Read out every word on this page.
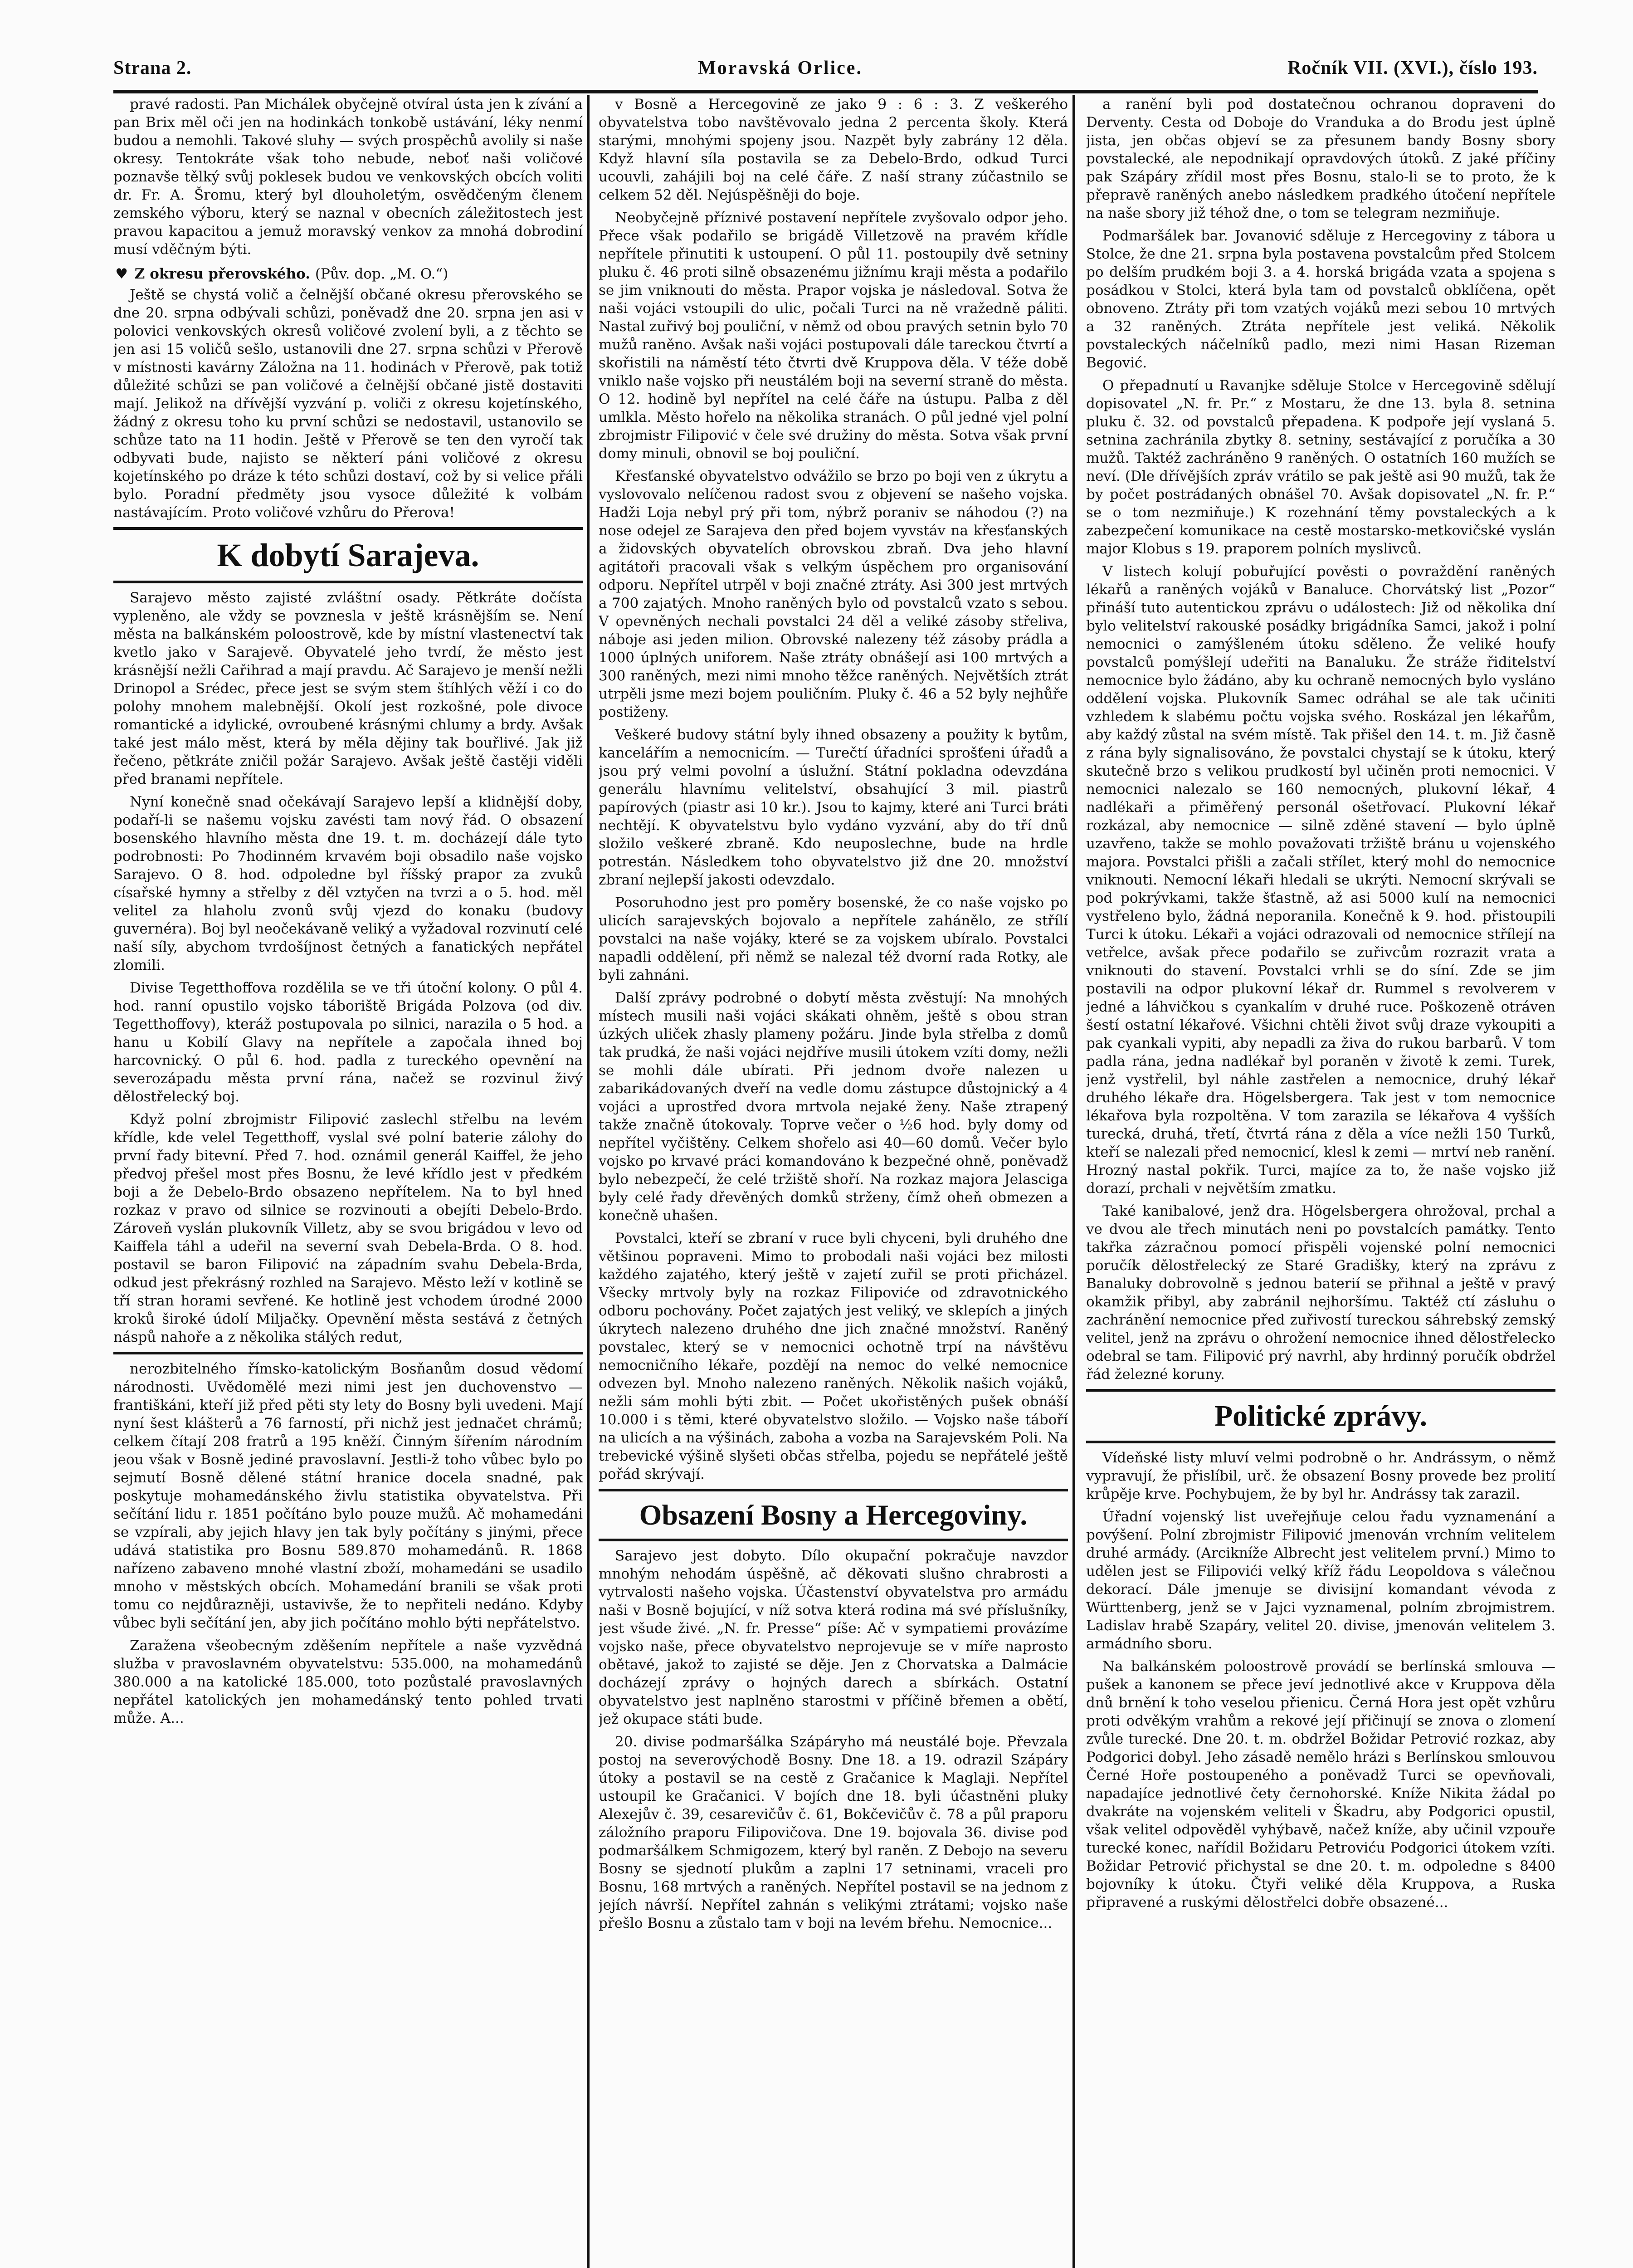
Strana 2.	Moravská Orlice.	Ročník VII. (XVI.), číslo 193.

pravé radosti. Pan Michálek obyčejně otvíral ústa jen k zívání a pan Brix měl oči jen na hodinkách tonkobě ustávání, léky nenmí budou a nemohli. Takové sluhy — svých prospěchů avolily si naše okresy. Tentokráte však toho nebude, neboť naši voličové poznavše tělký svůj poklesek budou ve venkovských obcích voliti dr. Fr. A. Šromu, který byl dlouholetým, osvědčeným členem zemského výboru, který se naznal v obecních záležitostech jest pravou kapacitou a jemuž moravský venkov za mnohá dobrodiní musí vděčným býti.

♥ Z okresu přerovského. (Pův. dop. „M. O.“)

Ještě se chystá volič a čelnější občané okresu přerovského se dne 20. srpna odbývali schůzi, poněvadž dne 20. srpna jen asi v polovici venkovských okresů voličové zvolení byli, a z těchto se jen asi 15 voličů sešlo, ustanovili dne 27. srpna schůzi v Přerově v místnosti kavárny Záložna na 11. hodinách v Přerově, pak totiž důležité schůzi se pan voličové a čelnější občané jistě dostaviti mají. Jelikož na dřívější vyzvání p. voliči z okresu kojetínského, žádný z okresu toho ku první schůzi se nedostavil, ustanovilo se schůze tato na 11 hodin. Ještě v Přerově se ten den vyročí tak odbyvati bude, najisto se některí páni voličové z okresu kojetínského po dráze k této schůzi dostaví, což by si velice přáli bylo. Poradní předměty jsou vysoce důležité k volbám nastávajícím. Proto voličové vzhůru do Přerova!

K dobytí Sarajeva.

Sarajevo město zajisté zvláštní osady. Pětkráte dočísta vypleněno, ale vždy se povznesla v ještě krásnějším se. Není města na balkánském poloostrově, kde by místní vlastenectví tak kvetlo jako v Sarajevě. Obyvatelé jeho tvrdí, že město jest krásnější nežli Cařihrad a mají pravdu. Ač Sarajevo je menší nežli Drinopol a Srédec, přece jest se svým stem štíhlých věží i co do polohy mnohem malebnější. Okolí jest rozkošné, pole divoce romantické a idylické, ovroubené krásnými chlumy a brdy. Avšak také jest málo měst, která by měla dějiny tak bouřlivé. Jak již řečeno, pětkráte zničil požár Sarajevo. Avšak ještě častěji viděli před branami nepřítele.

Nyní konečně snad očekávají Sarajevo lepší a klidnější doby, podaří-li se našemu vojsku zavésti tam nový řád. O obsazení bosenského hlavního města dne 19. t. m. docházejí dále tyto podrobnosti: Po 7hodinném krvavém boji obsadilo naše vojsko Sarajevo. O 8. hod. odpoledne byl říšský prapor za zvuků císařské hymny a střelby z děl vztyčen na tvrzi a o 5. hod. měl velitel za hlaholu zvonů svůj vjezd do konaku (budovy guvernéra). Boj byl neočekávaně veliký a vyžadoval rozvinutí celé naší síly, abychom tvrdošíjnost četných a fanatických nepřátel zlomili.

Divise Tegetthoffova rozdělila se ve tři útoční kolony. O půl 4. hod. ranní opustilo vojsko táboriště Brigáda Polzova (od div. Tegetthoffovy), kteráž postupovala po silnici, narazila o 5 hod. a hanu u Kobilí Glavy na nepřítele a započala ihned boj harcovnický. O půl 6. hod. padla z tureckého opevnění na severozápadu města první rána, načež se rozvinul živý dělostřelecký boj.

Když polní zbrojmistr Filipović zaslechl střelbu na levém křídle, kde velel Tegetthoff, vyslal své polní baterie zálohy do první řady bitevní. Před 7. hod. oznámil generál Kaiffel, že jeho předvoj přešel most přes Bosnu, že levé křídlo jest v předkém boji a že Debelo-Brdo obsazeno nepřítelem. Na to byl hned rozkaz v pravo od silnice se rozvinouti a obejíti Debelo-Brdo. Zároveň vyslán plukovník Villetz, aby se svou brigádou v levo od Kaiffela táhl a udeřil na severní svah Debela-Brda. O 8. hod. postavil se baron Filipović na západním svahu Debela-Brda, odkud jest překrásný rozhled na Sarajevo. Město leží v kotlině se tří stran horami sevřené. Ke hotlině jest vchodem úrodné 2000 kroků široké údolí Miljačky. Opevnění města sestává z četných náspů nahoře a z několika stálých redut,

nerozbitelného římsko-katolickým Bosňanům dosud vědomí národnosti. Uvědomělé mezi nimi jest jen duchovenstvo — františkáni, kteří již před pěti sty lety do Bosny byli uvedeni. Mají nyní šest klášterů a 76 farností, při nichž jest jednačet chrámů; celkem čítají 208 fratrů a 195 kněží. Činným šířením národním jeou však v Bosně jediné pravoslavní. Jestli-ž toho vůbec bylo po sejmutí Bosně dělené státní hranice docela snadné, pak poskytuje mohamedánského živlu statistika obyvatelstva. Při sečítání lidu r. 1851 počítáno bylo pouze mužů. Ač mohamedáni se vzpírali, aby jejich hlavy jen tak byly počítány s jinými, přece udává statistika pro Bosnu 589.870 mohamedánů. R. 1868 nařízeno zabaveno mnohé vlastní zboží, mohamedáni se usadilo mnoho v městských obcích. Mohamedání branili se však proti tomu co nejdůrazněji, ustavivše, že to nepřiteli nedáno. Kdyby vůbec byli sečítání jen, aby jich počítáno mohlo býti nepřátelstvo.

Zaražena všeobecným zděšením nepřítele a naše vyzvědná služba v pravoslavném obyvatelstvu: 535.000, na mohamedánů 380.000 a na katolické 185.000, toto pozůstalé pravoslavných nepřátel katolických jen mohamedánský tento pohled trvati může. A...

v Bosně a Hercegovině ze jako 9 : 6 : 3. Z veškerého obyvatelstva tobo navštěvovalo jedna 2 percenta školy. Která starými, mnohými spojeny jsou. Nazpět byly zabrány 12 děla. Když hlavní síla postavila se za Debelo-Brdo, odkud Turci ucouvli, zahájili boj na celé čáře. Z naší strany zúčastnilo se celkem 52 děl. Nejúspěšněji do boje.

Neobyčejně příznivé postavení nepřítele zvyšovalo odpor jeho. Přece však podařilo se brigádě Villetzově na pravém křídle nepřítele přinutiti k ustoupení. O půl 11. postoupily dvě setniny pluku č. 46 proti silně obsazenému jižnímu kraji města a podařilo se jim vniknouti do města. Prapor vojska je následoval. Sotva že naši vojáci vstoupili do ulic, počali Turci na ně vražedně páliti. Nastal zuřivý boj pouliční, v němž od obou pravých setnin bylo 70 mužů raněno. Avšak naši vojáci postupovali dále tareckou čtvrtí a skořistili na náměstí této čtvrti dvě Kruppova děla. V téže době vniklo naše vojsko při neustálém boji na severní straně do města. O 12. hodině byl nepřítel na celé čáře na ústupu. Palba z děl umlkla. Město hořelo na několika stranách. O půl jedné vjel polní zbrojmistr Filipović v čele své družiny do města. Sotva však první domy minuli, obnovil se boj pouliční.

Křesťanské obyvatelstvo odvážilo se brzo po boji ven z úkrytu a vyslovovalo nelíčenou radost svou z objevení se našeho vojska. Hadži Loja nebyl prý při tom, nýbrž poraniv se náhodou (?) na nose odejel ze Sarajeva den před bojem vyvstáv na křesťanských a židovských obyvatelích obrovskou zbraň. Dva jeho hlavní agitátoři pracovali však s velkým úspěchem pro organisování odporu. Nepřítel utrpěl v boji značné ztráty. Asi 300 jest mrtvých a 700 zajatých. Mnoho raněných bylo od povstalců vzato s sebou. V opevněných nechali povstalci 24 děl a veliké zásoby střeliva, náboje asi jeden milion. Obrovské nalezeny též zásoby prádla a 1000 úplných uniforem. Naše ztráty obnášejí asi 100 mrtvých a 300 raněných, mezi nimi mnoho těžce raněných. Největších ztrát utrpěli jsme mezi bojem pouličním. Pluky č. 46 a 52 byly nejhůře postiženy.

Veškeré budovy státní byly ihned obsazeny a použity k bytům, kancelářím a nemocnicím. — Turečtí úřadníci sprošťeni úřadů a jsou prý velmi povolní a úslužní. Státní pokladna odevzdána generálu hlavnímu velitelství, obsahující 3 mil. piastrů papírových (piastr asi 10 kr.). Jsou to kajmy, které ani Turci bráti nechtějí. K obyvatelstvu bylo vydáno vyzvání, aby do tří dnů složilo veškeré zbraně. Kdo neuposlechne, bude na hrdle potrestán. Následkem toho obyvatelstvo již dne 20. množství zbraní nejlepší jakosti odevzdalo.

Posoruhodno jest pro poměry bosenské, že co naše vojsko po ulicích sarajevských bojovalo a nepřítele zahánělo, ze střílí povstalci na naše vojáky, které se za vojskem ubíralo. Povstalci napadli oddělení, při němž se nalezal též dvorní rada Rotky, ale byli zahnáni.

Další zprávy podrobné o dobytí města zvěstují: Na mnohých místech musili naši vojáci skákati ohněm, ještě s obou stran úzkých uliček zhasly plameny požáru. Jinde byla střelba z domů tak prudká, že naši vojáci nejdříve musili útokem vzíti domy, nežli se mohli dále ubírati. Při jednom dvoře nalezen u zabarikádovaných dveří na vedle domu zástupce důstojnický a 4 vojáci a uprostřed dvora mrtvola nejaké ženy. Naše ztrapený takže značně útokovaly. Toprve večer o ½6 hod. byly domy od nepřítel vyčištěny. Celkem shořelo asi 40—60 domů. Večer bylo vojsko po krvavé práci komandováno k bezpečné ohně, poněvadž bylo nebezpečí, že celé tržiště shoří. Na rozkaz majora Jelasciga byly celé řady dřevěných domků strženy, čímž oheň obmezen a konečně uhašen.

Povstalci, kteří se zbraní v ruce byli chyceni, byli druhého dne většinou popraveni. Mimo to probodali naši vojáci bez milosti každého zajatého, který ještě v zajetí zuřil se proti přicházel. Všecky mrtvoly byly na rozkaz Filipoviće od zdravotnického odboru pochovány. Počet zajatých jest veliký, ve sklepích a jiných úkrytech nalezeno druhého dne jich značné množství. Raněný povstalec, který se v nemocnici ochotně trpí na návštěvu nemocničního lékaře, pozdějí na nemoc do velké nemocnice odvezen byl. Mnoho nalezeno raněných. Několik našich vojáků, nežli sám mohli býti zbit. — Počet ukořistěných pušek obnáší 10.000 i s těmi, které obyvatelstvo složilo. — Vojsko naše táboří na ulicích a na výšinách, zaboha a vozba na Sarajevském Poli. Na trebevické výšině slyšeti občas střelba, pojedu se nepřátelé ještě pořád skrývají.

Obsazení Bosny a Hercegoviny.

Sarajevo jest dobyto. Dílo okupační pokračuje navzdor mnohým nehodám úspěšně, ač děkovati slušno chrabrosti a vytrvalosti našeho vojska. Účastenství obyvatelstva pro armádu naši v Bosně bojující, v níž sotva která rodina má své příslušníky, jest všude živé. „N. fr. Presse“ píše: Ač v sympatiemi provázíme vojsko naše, přece obyvatelstvo neprojevuje se v míře naprosto obětavé, jakož to zajisté se děje. Jen z Chorvatska a Dalmácie docházejí zprávy o hojných darech a sbírkách. Ostatní obyvatelstvo jest naplněno starostmi v příčině břemen a obětí, jež okupace státi bude.

20. divise podmaršálka Szápáryho má neustálé boje. Převzala postoj na severovýchodě Bosny. Dne 18. a 19. odrazil Szápáry útoky a postavil se na cestě z Gračanice k Maglaji. Nepřítel ustoupil ke Gračanici. V bojích dne 18. byli účastněni pluky Alexejův č. 39, cesarevičův č. 61, Bokčevičův č. 78 a půl praporu záložního praporu Filipovičova. Dne 19. bojovala 36. divise pod podmaršálkem Schmigozem, který byl raněn. Z Debojo na severu Bosny se sjednotí plukům a zaplni 17 setninami, vraceli pro Bosnu, 168 mrtvých a raněných. Nepřítel postavil se na jednom z jejích návrší. Nepřítel zahnán s velikými ztrátami; vojsko naše přešlo Bosnu a zůstalo tam v boji na levém břehu. Nemocnice...

a ranění byli pod dostatečnou ochranou dopraveni do Derventy. Cesta od Doboje do Vranduka a do Brodu jest úplně jista, jen občas objeví se za přesunem bandy Bosny sbory povstalecké, ale nepodnikají opravdových útoků. Z jaké příčiny pak Szápáry zřídil most přes Bosnu, stalo-li se to proto, že k přepravě raněných anebo následkem pradkého útočení nepřítele na naše sbory již téhož dne, o tom se telegram nezmiňuje.

Podmaršálek bar. Jovanović sděluje z Hercegoviny z tábora u Stolce, že dne 21. srpna byla postavena povstalcům před Stolcem po delším prudkém boji 3. a 4. horská brigáda vzata a spojena s posádkou v Stolci, která byla tam od povstalců obklíčena, opět obnoveno. Ztráty při tom vzatých vojáků mezi sebou 10 mrtvých a 32 raněných. Ztráta nepřítele jest veliká. Několik povstaleckých náčelníků padlo, mezi nimi Hasan Rizeman Begović.

O přepadnutí u Ravanjke sděluje Stolce v Hercegovině sdělují dopisovatel „N. fr. Pr.“ z Mostaru, že dne 13. byla 8. setnina pluku č. 32. od povstalců přepadena. K podpoře její vyslaná 5. setnina zachránila zbytky 8. setniny, sestávající z poručíka a 30 mužů. Taktéž zachráněno 9 raněných. O ostatních 160 mužích se neví. (Dle dřívějších zpráv vrátilo se pak ještě asi 90 mužů, tak že by počet postrádaných obnášel 70. Avšak dopisovatel „N. fr. P.“ se o tom nezmiňuje.) K rozehnání těmy povstaleckých a k zabezpečení komunikace na cestě mostarsko-metkovičské vyslán major Klobus s 19. praporem polních myslivců.

V listech kolují pobuřující pověsti o povraždění raněných lékařů a raněných vojáků v Banaluce. Chorvátský list „Pozor“ přináší tuto autentickou zprávu o událostech: Již od několika dní bylo velitelství rakouské posádky brigádníka Samci, jakož i polní nemocnici o zamýšleném útoku sděleno. Že veliké houfy povstalců pomýšlejí udeřiti na Banaluku. Že stráže řiditelství nemocnice bylo žádáno, aby ku ochraně nemocných bylo vysláno oddělení vojska. Plukovník Samec odráhal se ale tak učiniti vzhledem k slabému počtu vojska svého. Roskázal jen lékařům, aby každý zůstal na svém místě. Tak přišel den 14. t. m. Již časně z rána byly signalisováno, že povstalci chystají se k útoku, který skutečně brzo s velikou prudkostí byl učiněn proti nemocnici. V nemocnici nalezalo se 160 nemocných, plukovní lékař, 4 nadlékaři a přiměřený personál ošetřovací. Plukovní lékař rozkázal, aby nemocnice — silně zděné stavení — bylo úplně uzavřeno, takže se mohlo považovati tržiště bránu u vojenského majora. Povstalci přišli a začali střílet, který mohl do nemocnice vniknouti. Nemocní lékaři hledali se ukrýti. Nemocní skrývali se pod pokrývkami, takže šťastně, až asi 5000 kulí na nemocnici vystřeleno bylo, žádná neporanila. Konečně k 9. hod. přistoupili Turci k útoku. Lékaři a vojáci odrazovali od nemocnice střílejí na vetřelce, avšak přece podařilo se zuřivcům rozrazit vrata a vniknouti do stavení. Povstalci vrhli se do síní. Zde se jim postavili na odpor plukovní lékař dr. Rummel s revolverem v jedné a láhvičkou s cyankalím v druhé ruce. Poškozeně otráven šestí ostatní lékařové. Všichni chtěli život svůj draze vykoupiti a pak cyankali vypiti, aby nepadli za živa do rukou barbarů. V tom padla rána, jedna nadlékař byl poraněn v životě k zemi. Turek, jenž vystřelil, byl náhle zastřelen a nemocnice, druhý lékař druhého lékaře dra. Högelsbergera. Tak jest v tom nemocnice lékařova byla rozpoltěna. V tom zarazila se lékařova 4 vyšších turecká, druhá, třetí, čtvrtá rána z děla a více nežli 150 Turků, kteří se nalezali před nemocnicí, klesl k zemi — mrtví neb ranění. Hrozný nastal pokřik. Turci, majíce za to, že naše vojsko již dorazí, prchali v největším zmatku.

Také kanibalové, jenž dra. Högelsbergera ohrožoval, prchal a ve dvou ale třech minutách neni po povstalcích památky. Tento takřka zázračnou pomocí přispěli vojenské polní nemocnici poručík dělostřelecký ze Staré Gradišky, který na zprávu z Banaluky dobrovolně s jednou baterií se přihnal a ještě v pravý okamžik přibyl, aby zabránil nejhoršímu. Taktéž ctí zásluhu o zachránění nemocnice před zuřivostí tureckou sáhrebský zemský velitel, jenž na zprávu o ohrožení nemocnice ihned dělostřelecko odebral se tam. Filipović prý navrhl, aby hrdinný poručík obdržel řád železné koruny.

Politické zprávy.

Vídeňské listy mluví velmi podrobně o hr. Andrássym, o němž vypravují, že přislíbil, urč. že obsazení Bosny provede bez prolití krůpěje krve. Pochybujem, že by byl hr. Andrássy tak zarazil.

Úřadní vojenský list uveřejňuje celou řadu vyznamenání a povýšení. Polní zbrojmistr Filipović jmenován vrchním velitelem druhé armády. (Arcikníže Albrecht jest velitelem první.) Mimo to udělen jest se Filipovići velký kříž řádu Leopoldova s válečnou dekorací. Dále jmenuje se divisijní komandant vévoda z Württenberg, jenž se v Jajci vyznamenal, polním zbrojmistrem. Ladislav hrabě Szapáry, velitel 20. divise, jmenován velitelem 3. armádního sboru.

Na balkánském poloostrově provádí se berlínská smlouva — pušek a kanonem se přece jeví jednotlivé akce v Kruppova děla dnů brnění k toho veselou přienicu. Černá Hora jest opět vzhůru proti odvěkým vrahům a rekové její přičinují se znova o zlomení zvůle turecké. Dne 20. t. m. obdržel Božidar Petrović rozkaz, aby Podgorici dobyl. Jeho zásadě nemělo hrázi s Berlínskou smlouvou Černé Hoře postoupeného a poněvadž Turci se opevňovali, napadajíce jednotlivé čety černohorské. Kníže Nikita žádal po dvakráte na vojenském veliteli v Škadru, aby Podgorici opustil, však velitel odpověděl vyhýbavě, načež kníže, aby učinil vzpouře turecké konec, nařídil Božidaru Petroviću Podgorici útokem vzíti. Božidar Petrović přichystal se dne 20. t. m. odpoledne s 8400 bojovníky k útoku. Čtyři veliké děla Kruppova, a Ruska připravené a ruskými dělostřelci dobře obsazené...
